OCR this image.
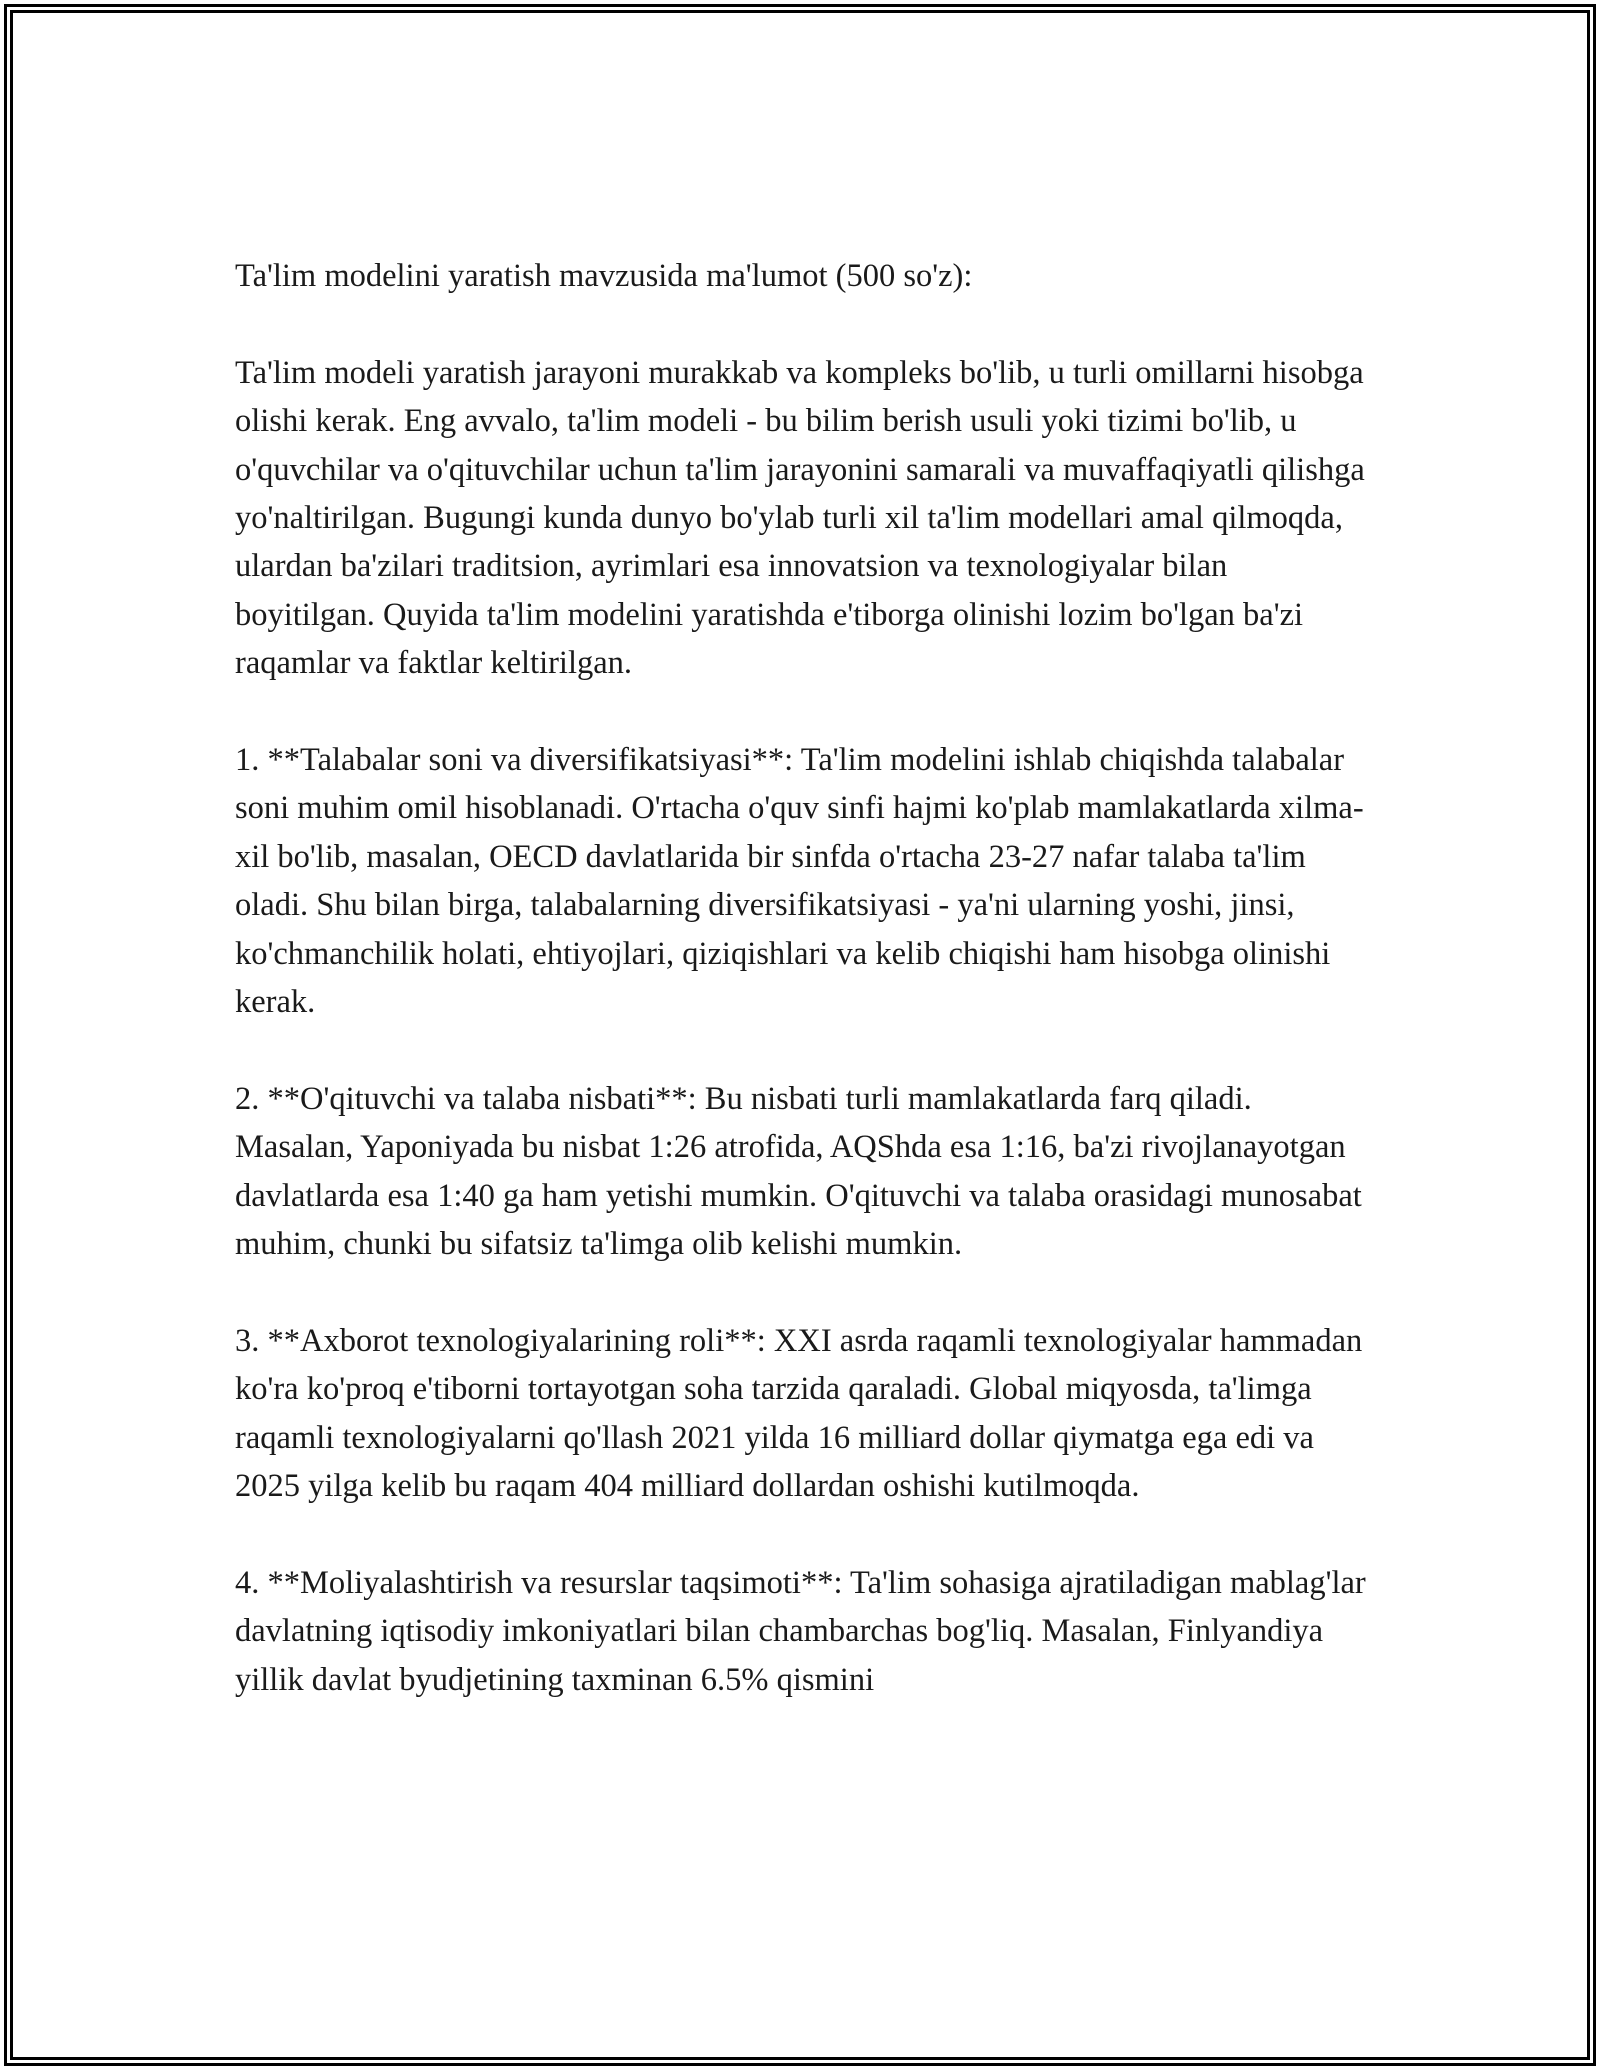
Ta'lim modelini yaratish mavzusida ma'lumot (500 so'z):

Ta'lim modeli yaratish jarayoni murakkab va kompleks bo'lib, u turli omillarni hisobga olishi kerak. Eng avvalo, ta'lim modeli - bu bilim berish usuli yoki tizimi bo'lib, u o'quvchilar va o'qituvchilar uchun ta'lim jarayonini samarali va muvaffaqiyatli qilishga yo'naltirilgan. Bugungi kunda dunyo bo'ylab turli xil ta'lim modellari amal qilmoqda, ulardan ba'zilari traditsion, ayrimlari esa innovatsion va texnologiyalar bilan boyitilgan. Quyida ta'lim modelini yaratishda e'tiborga olinishi lozim bo'lgan ba'zi raqamlar va faktlar keltirilgan.

1. **Talabalar soni va diversifikatsiyasi**: Ta'lim modelini ishlab chiqishda talabalar soni muhim omil hisoblanadi. O'rtacha o'quv sinfi hajmi ko'plab mamlakatlarda xilma-xil bo'lib, masalan, OECD davlatlarida bir sinfda o'rtacha 23-27 nafar talaba ta'lim oladi. Shu bilan birga, talabalarning diversifikatsiyasi - ya'ni ularning yoshi, jinsi, ko'chmanchilik holati, ehtiyojlari, qiziqishlari va kelib chiqishi ham hisobga olinishi kerak.

2. **O'qituvchi va talaba nisbati**: Bu nisbati turli mamlakatlarda farq qiladi. Masalan, Yaponiyada bu nisbat 1:26 atrofida, AQShda esa 1:16, ba'zi rivojlanayotgan davlatlarda esa 1:40 ga ham yetishi mumkin. O'qituvchi va talaba orasidagi munosabat muhim, chunki bu sifatsiz ta'limga olib kelishi mumkin.

3. **Axborot texnologiyalarining roli**: XXI asrda raqamli texnologiyalar hammadan ko'ra ko'proq e'tiborni tortayotgan soha tarzida qaraladi. Global miqyosda, ta'limga raqamli texnologiyalarni qo'llash 2021 yilda 16 milliard dollar qiymatga ega edi va 2025 yilga kelib bu raqam 404 milliard dollardan oshishi kutilmoqda.

4. **Moliyalashtirish va resurslar taqsimoti**: Ta'lim sohasiga ajratiladigan mablag'lar davlatning iqtisodiy imkoniyatlari bilan chambarchas bog'liq. Masalan, Finlyandiya yillik davlat byudjetining taxminan 6.5% qismini
